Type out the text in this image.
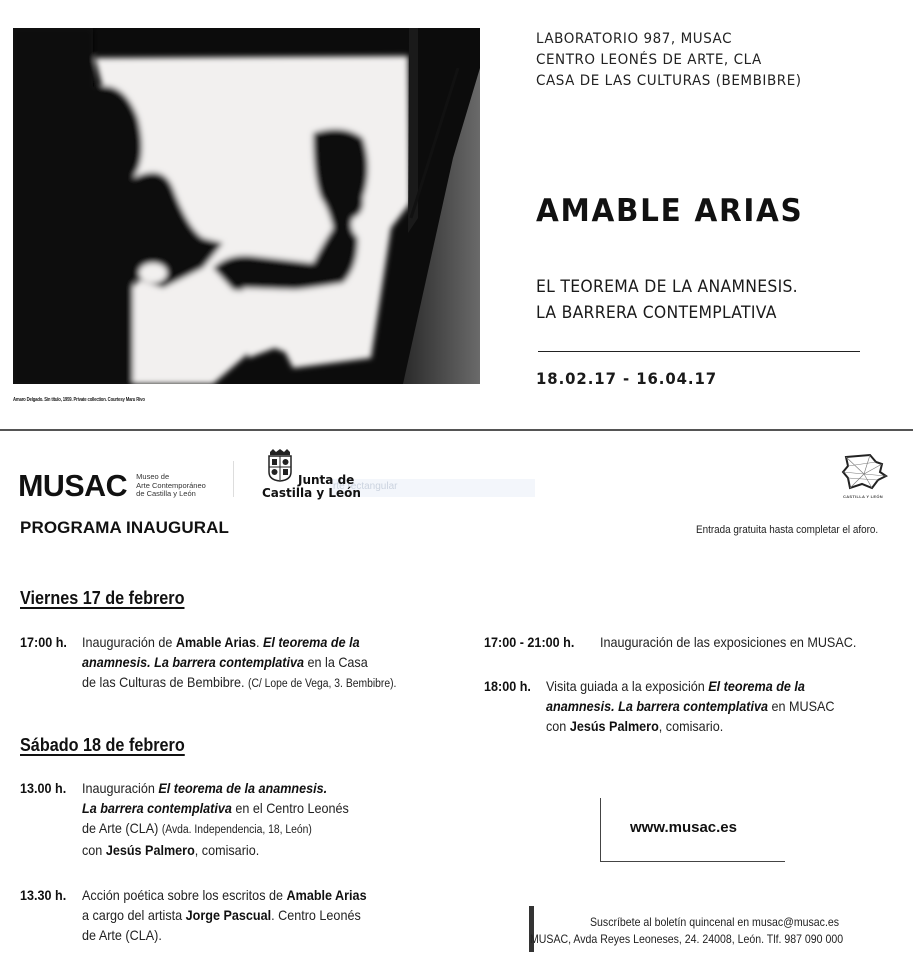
Amaro Delgado. Sin título, 1959. Private collection. Courtesy Maru Rivo
LABORATORIO 987, MUSAC
CENTRO LEONÉS DE ARTE, CLA
CASA DE LAS CULTURAS (BEMBIBRE)
AMABLE ARIAS
EL TEOREMA DE LA ANAMNESIS.
LA BARRERA CONTEMPLATIVA
18.02.17 - 16.04.17
MUSAC Museo de
Arte Contemporáneo
de Castilla y León
rte rectangular
Junta de
Castilla y León	CASTILLA Y LEÓN
PROGRAMA INAUGURAL	Entrada gratuita hasta completar el aforo.
Viernes 17 de febrero
17:00 h. Inauguración de Amable Arias. El teorema de la
anamnesis. La barrera contemplativa en la Casa
de las Culturas de Bembibre. (C/ Lope de Vega, 3. Bembibre).
17:00 - 21:00 h. Inauguración de las exposiciones en MUSAC.
18:00 h. Visita guiada a la exposición El teorema de la
anamnesis. La barrera contemplativa en MUSAC
con Jesús Palmero, comisario.
Sábado 18 de febrero
13.00 h. Inauguración El teorema de la anamnesis.
La barrera contemplativa en el Centro Leonés
de Arte (CLA) (Avda. Independencia, 18, León)
con Jesús Palmero, comisario.
13.30 h. Acción poética sobre los escritos de Amable Arias
a cargo del artista Jorge Pascual. Centro Leonés
de Arte (CLA).
www.musac.es
Suscríbete al boletín quincenal en musac@musac.es
MUSAC, Avda Reyes Leoneses, 24. 24008, León. Tlf. 987 090 000
